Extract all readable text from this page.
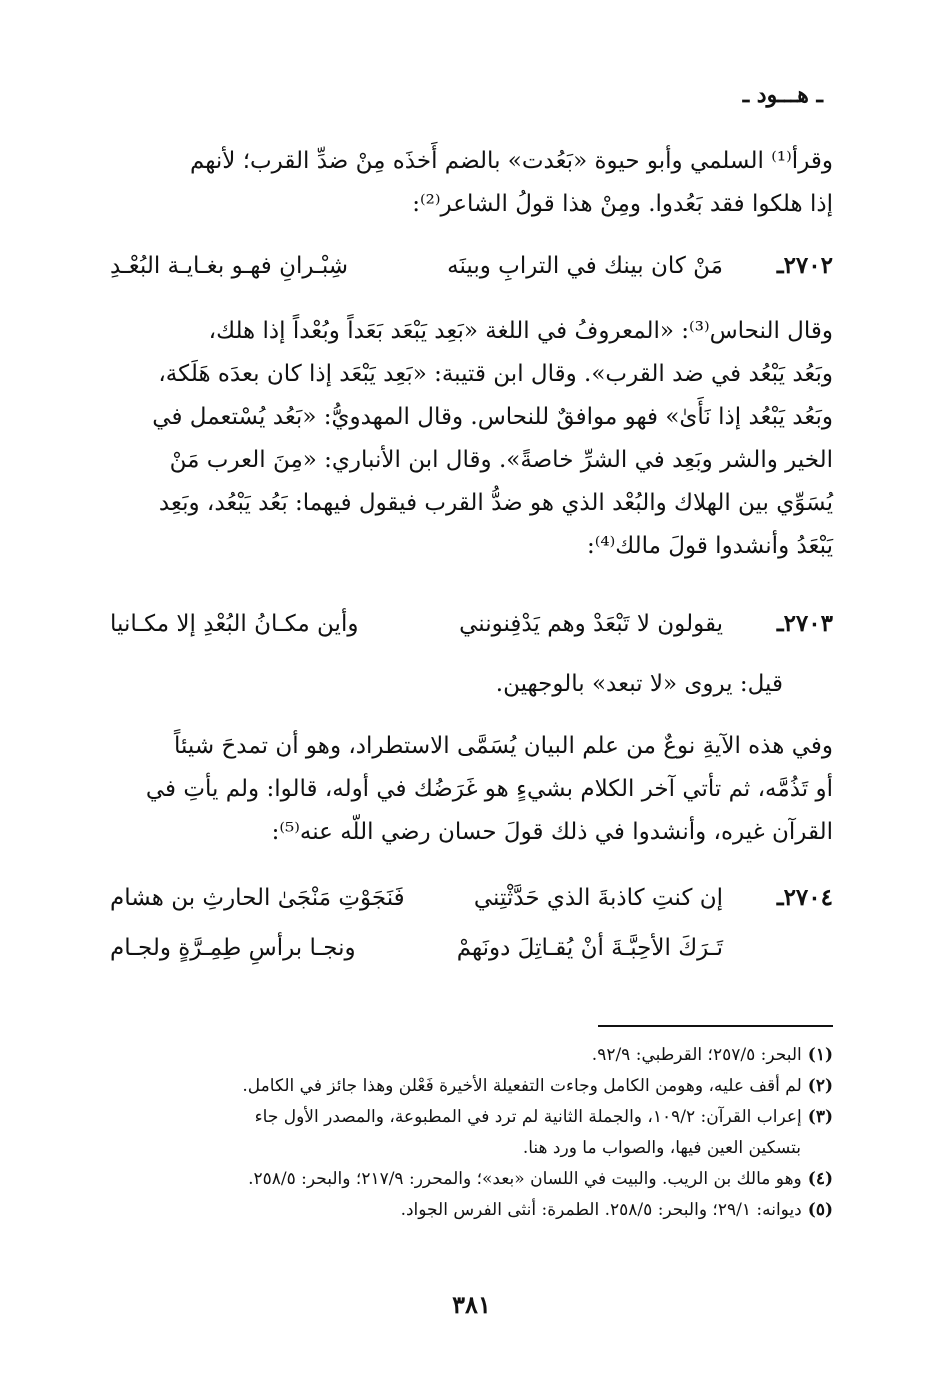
ـ هـــود ـ
وقرأ⁽¹⁾ السلمي وأبو حيوة «بَعُدت» بالضم أَخذَه مِنْ ضدِّ القرب؛ لأنهم
إذا هلكوا فقد بَعُدوا. ومِنْ هذا قولُ الشاعر⁽²⁾:
٢٧٠٢ـ
مَنْ كان بينك في الترابِ وبينَه
شِبْـرانِ فهـو بغـايـة البُعْـدِ
وقال النحاس⁽³⁾: «المعروفُ في اللغة «بَعِد يَبْعَد بَعَداً وبُعْداً إذا هلك،
وبَعُد يَبْعُد في ضد القرب». وقال ابن قتيبة: «بَعِد يَبْعَد إذا كان بعدَه هَلَكة،
وبَعُد يَبْعُد إذا نَأَىٰ» فهو موافقٌ للنحاس. وقال المهدويُّ: «بَعُد يُسْتعمل في
الخير والشر وبَعِد في الشرِّ خاصةً». وقال ابن الأنباري: «مِنَ العرب مَنْ
يُسَوِّي بين الهلاك والبُعْد الذي هو ضدُّ القرب فيقول فيهما: بَعُد يَبْعُد، وبَعِد
يَبْعَدُ وأنشدوا قولَ مالك⁽⁴⁾:
٢٧٠٣ـ
يقولون لا تَبْعَدْ وهم يَدْفِنونني
وأين مكـانُ البُعْدِ إلا مكـانيا
قيل: يروى «لا تبعد» بالوجهين.
وفي هذه الآيةِ نوعٌ من علم البيان يُسَمَّى الاستطراد، وهو أن تمدحَ شيئاً
أو تَذُمَّه، ثم تأتي آخر الكلام بشيءٍ هو غَرَضُك في أوله، قالوا: ولم يأتِ في
القرآن غيره، وأنشدوا في ذلك قولَ حسان رضي اللّه عنه⁽⁵⁾:
٢٧٠٤ـ
إن كنتِ كاذبةَ الذي حَدَّثْتِني
فَنَجَوْتِ مَنْجَىٰ الحارثِ بن هشام
تَـرَكَ الأحِبَّـةَ أنْ يُقـاتِلَ دونَهمْ
ونجـا برأسِ طِمِـرَّةٍ ولجـام
(١)البحر: ٢٥٧/٥؛ القرطبي: ٩٢/٩.
(٢)لم أقف عليه، وهومن الكامل وجاءت التفعيلة الأخيرة فَعْلن وهذا جائز في الكامل.
(٣)إعراب القرآن: ١٠٩/٢، والجملة الثانية لم ترد في المطبوعة، والمصدر الأول جاء
بتسكين العين فيها، والصواب ما ورد هنا.
(٤)وهو مالك بن الريب. والبيت في اللسان «بعد»؛ والمحرر: ٢١٧/٩؛ والبحر: ٢٥٨/٥.
(٥)ديوانه: ٢٩/١؛ والبحر: ٢٥٨/٥. الطمرة: أنثى الفرس الجواد.
٣٨١
